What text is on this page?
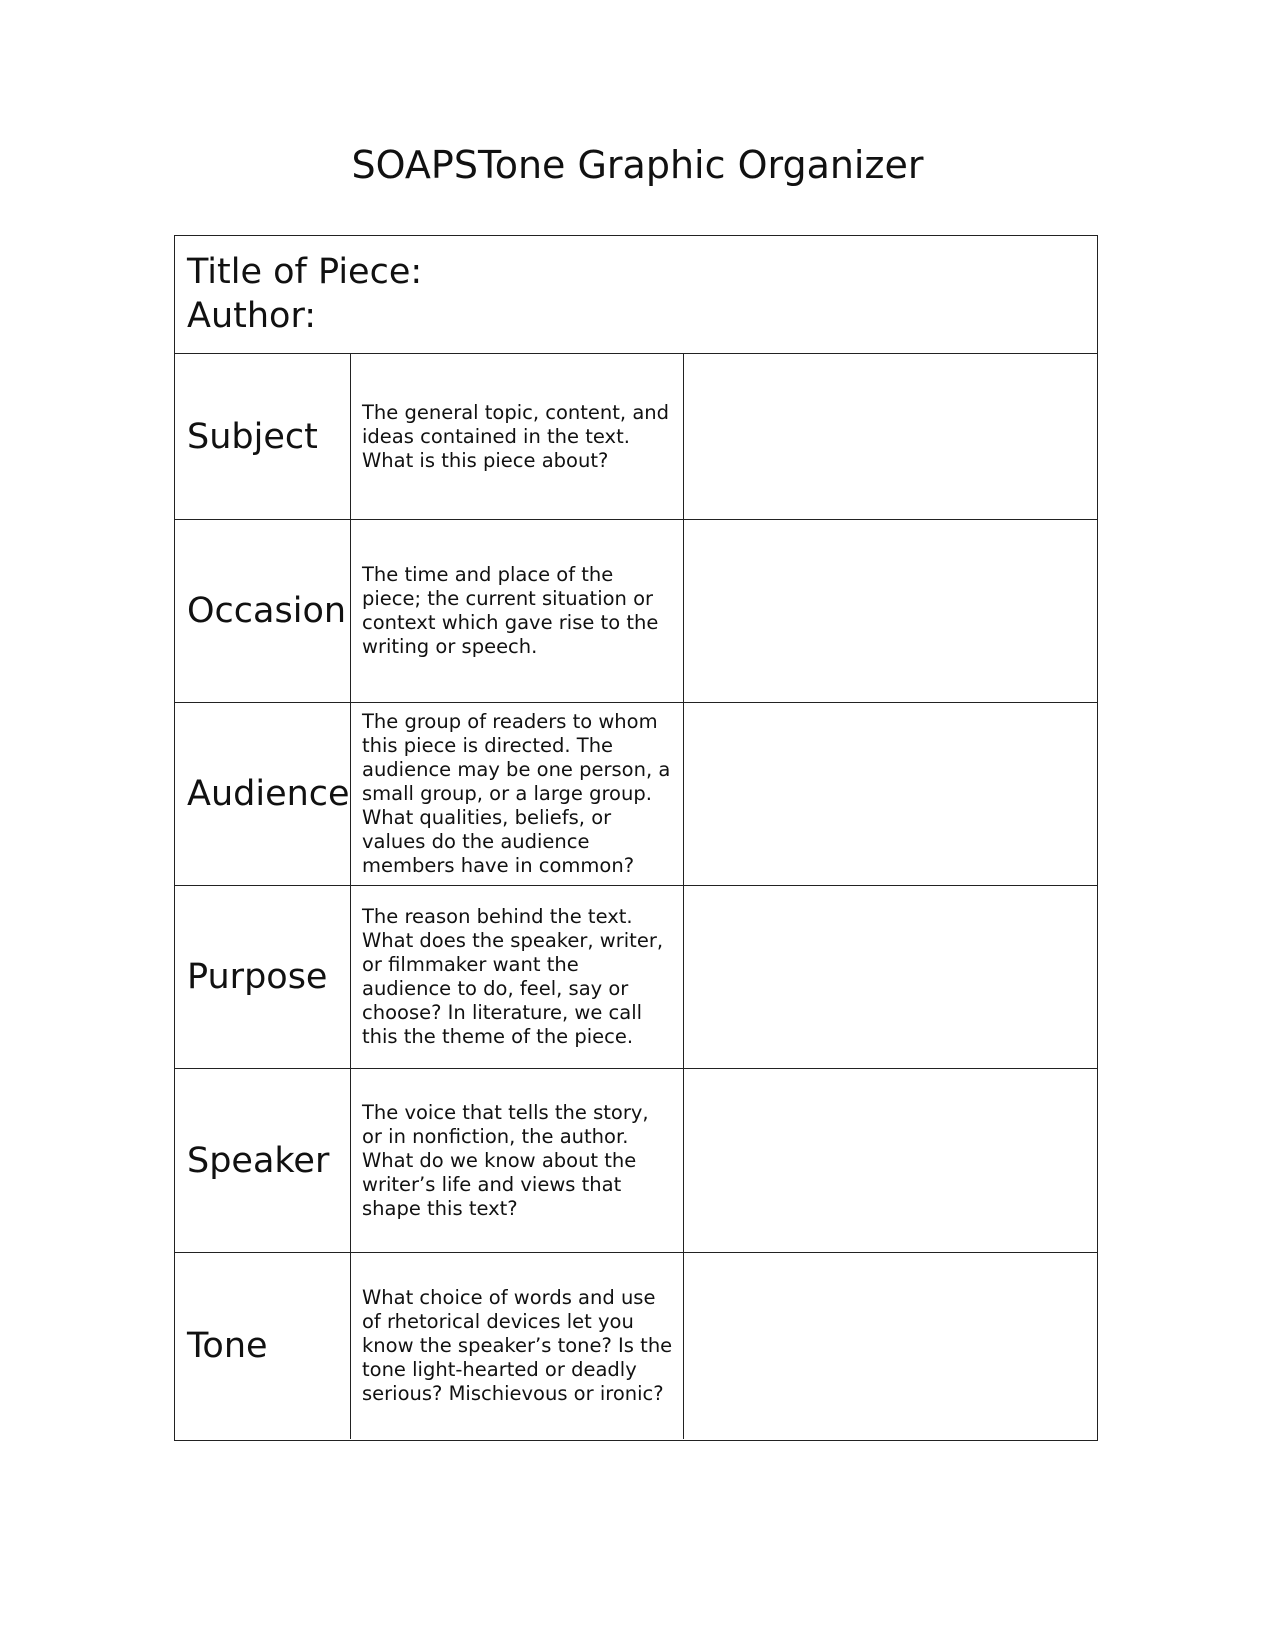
SOAPSTone Graphic Organizer
Title of Piece:
Author:
Subject
The general topic, content, and ideas contained in the text. What is this piece about?
Occasion
The time and place of the piece; the current situation or context which gave rise to the writing or speech.
Audience
The group of readers to whom this piece is directed. The audience may be one person, a small group, or a large group. What qualities, beliefs, or values do the audience members have in common?
Purpose
The reason behind the text. What does the speaker, writer, or filmmaker want the audience to do, feel, say or choose? In literature, we call this the theme of the piece.
Speaker
The voice that tells the story, or in nonfiction, the author. What do we know about the writer’s life and views that shape this text?
Tone
What choice of words and use of rhetorical devices let you know the speaker’s tone? Is the tone light-hearted or deadly serious? Mischievous or ironic?
